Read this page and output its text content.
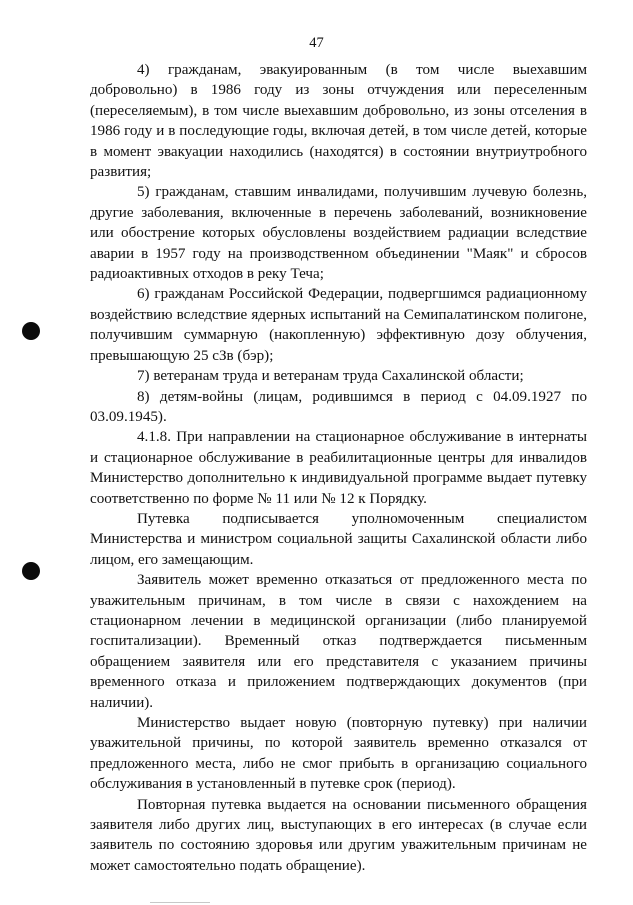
47

4) гражданам, эвакуированным (в том числе выехавшим добровольно) в 1986 году из зоны отчуждения или переселенным (переселяемым), в том числе выехавшим добровольно, из зоны отселения в 1986 году и в последующие годы, включая детей, в том числе детей, которые в момент эвакуации находились (находятся) в состоянии внутриутробного развития;

5) гражданам, ставшим инвалидами, получившим лучевую болезнь, другие заболевания, включенные в перечень заболеваний, возникновение или обострение которых обусловлены воздействием радиации вследствие аварии в 1957 году на производственном объединении "Маяк" и сбросов радиоактивных отходов в реку Теча;

6) гражданам Российской Федерации, подвергшимся радиационному воздействию вследствие ядерных испытаний на Семипалатинском полигоне, получившим суммарную (накопленную) эффективную дозу облучения, превышающую 25 сЗв (бэр);

7) ветеранам труда и ветеранам труда Сахалинской области;

8) детям-войны (лицам, родившимся в период с 04.09.1927 по 03.09.1945).

4.1.8. При направлении на стационарное обслуживание в интернаты и стационарное обслуживание в реабилитационные центры для инвалидов Министерство дополнительно к индивидуальной программе выдает путевку соответственно по форме № 11 или № 12 к Порядку.

Путевка подписывается уполномоченным специалистом Министерства и министром социальной защиты Сахалинской области либо лицом, его замещающим.

Заявитель может временно отказаться от предложенного места по уважительным причинам, в том числе в связи с нахождением на стационарном лечении в медицинской организации (либо планируемой госпитализации). Временный отказ подтверждается письменным обращением заявителя или его представителя с указанием причины временного отказа и приложением подтверждающих документов (при наличии).

Министерство выдает новую (повторную путевку) при наличии уважительной причины, по которой заявитель временно отказался от предложенного места, либо не смог прибыть в организацию социального обслуживания в установленный в путевке срок (период).

Повторная путевка выдается на основании письменного обращения заявителя либо других лиц, выступающих в его интересах (в случае если заявитель по состоянию здоровья или другим уважительным причинам не может самостоятельно подать обращение).
